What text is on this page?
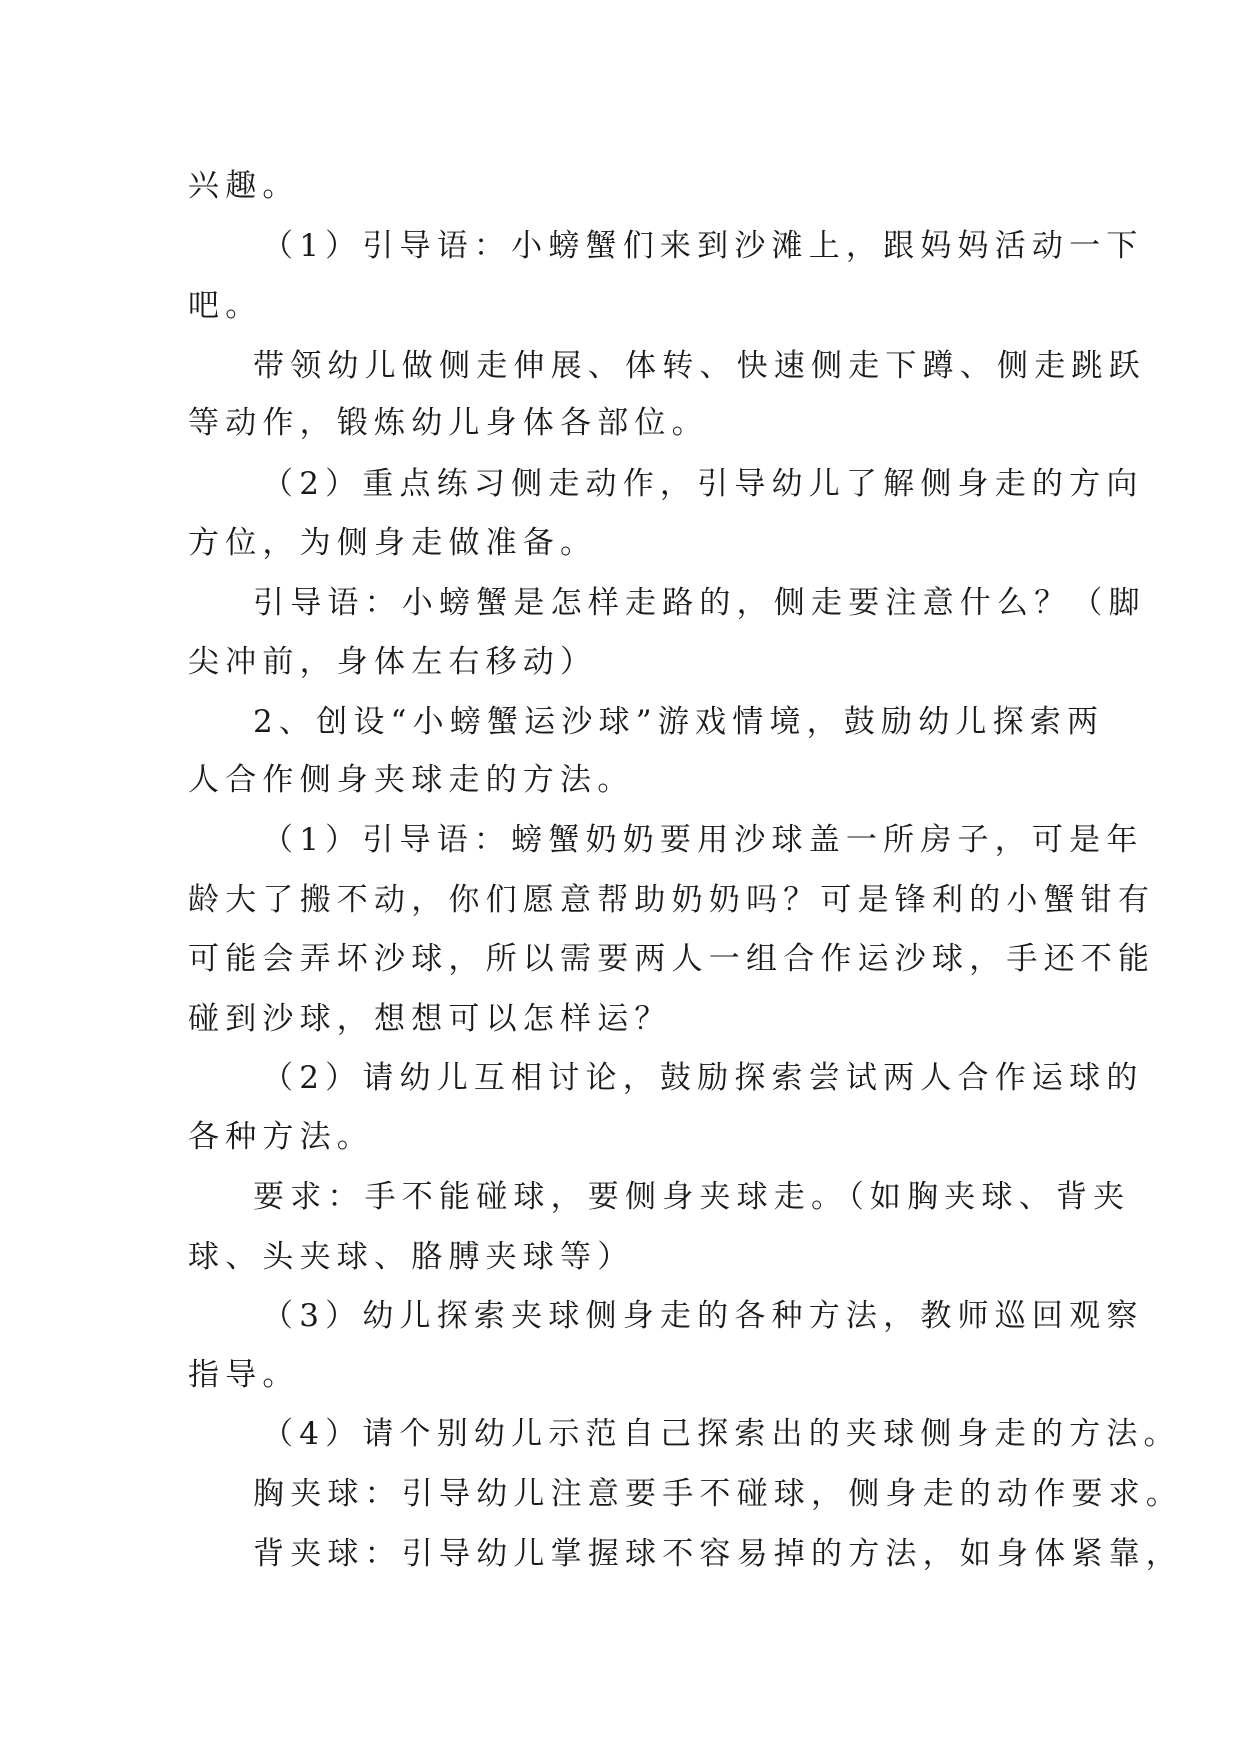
兴趣。
（1）引导语：小螃蟹们来到沙滩上，跟妈妈活动一下
吧。
带领幼儿做侧走伸展、体转、快速侧走下蹲、侧走跳跃
等动作，锻炼幼儿身体各部位。
（2）重点练习侧走动作，引导幼儿了解侧身走的方向
方位，为侧身走做准备。
引导语：小螃蟹是怎样走路的，侧走要注意什么？（脚
尖冲前，身体左右移动）
2、创设“小螃蟹运沙球”游戏情境，鼓励幼儿探索两
人合作侧身夹球走的方法。
（1）引导语：螃蟹奶奶要用沙球盖一所房子，可是年
龄大了搬不动，你们愿意帮助奶奶吗？可是锋利的小蟹钳有
可能会弄坏沙球，所以需要两人一组合作运沙球，手还不能
碰到沙球，想想可以怎样运？
（2）请幼儿互相讨论，鼓励探索尝试两人合作运球的
各种方法。
要求：手不能碰球，要侧身夹球走。（如胸夹球、背夹
球、头夹球、胳膊夹球等）
（3）幼儿探索夹球侧身走的各种方法，教师巡回观察
指导。
（4）请个别幼儿示范自己探索出的夹球侧身走的方法。
胸夹球：引导幼儿注意要手不碰球，侧身走的动作要求。
背夹球：引导幼儿掌握球不容易掉的方法，如身体紧靠，
